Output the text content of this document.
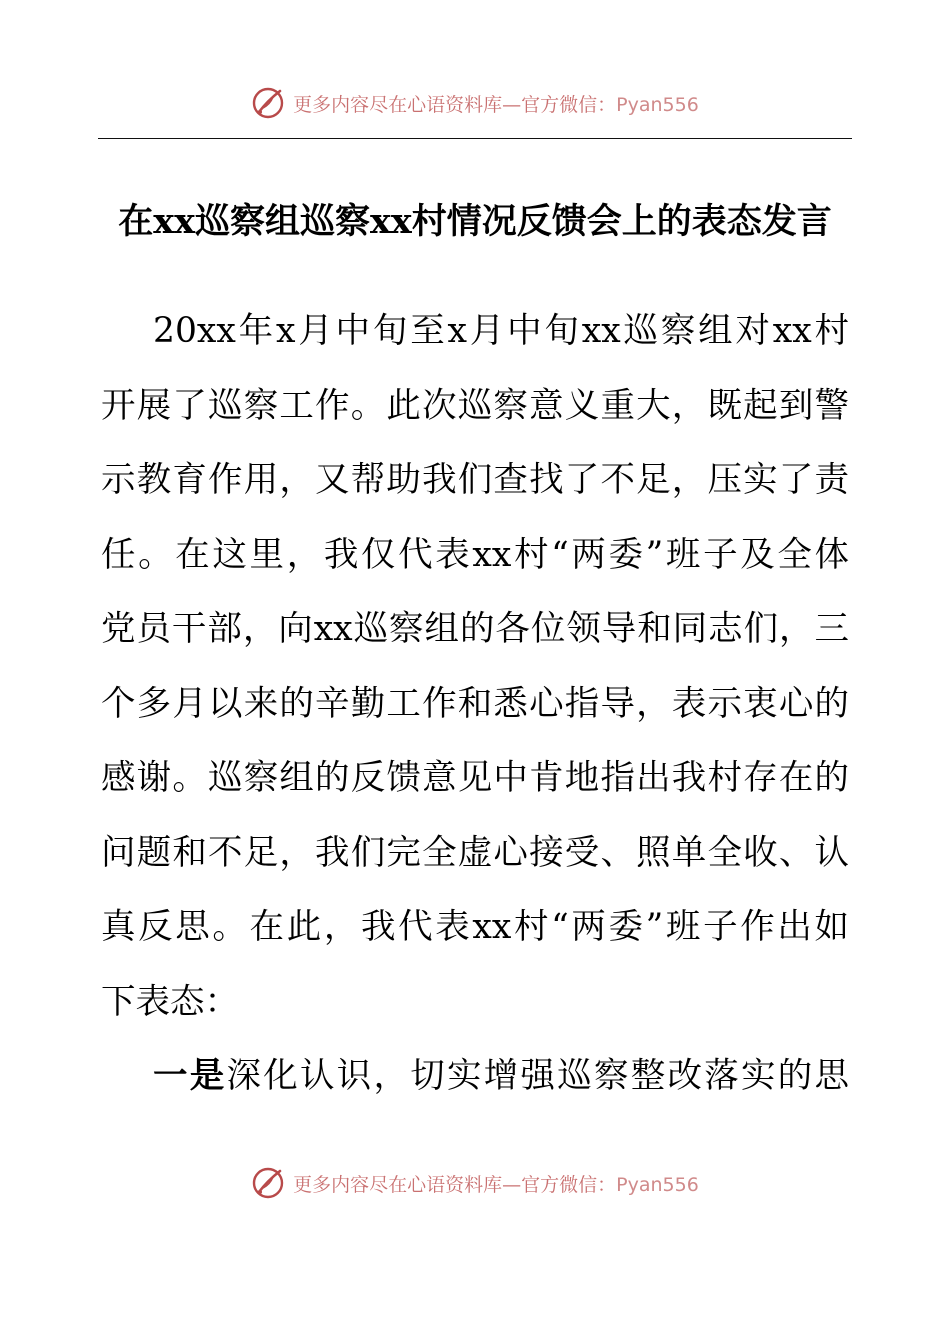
更多内容尽在心语资料库—官方微信：Pyan556
在xx巡察组巡察xx村情况反馈会上的表态发言
20xx年x月中旬至x月中旬xx巡察组对xx村
开展了巡察工作。此次巡察意义重大，既起到警
示教育作用，又帮助我们查找了不足，压实了责
任。在这里，我仅代表xx村“两委”班子及全体
党员干部，向xx巡察组的各位领导和同志们，三
个多月以来的辛勤工作和悉心指导，表示衷心的
感谢。巡察组的反馈意见中肯地指出我村存在的
问题和不足，我们完全虚心接受、照单全收、认
真反思。在此，我代表xx村“两委”班子作出如
下表态：
一是深化认识，切实增强巡察整改落实的思
更多内容尽在心语资料库—官方微信：Pyan556
